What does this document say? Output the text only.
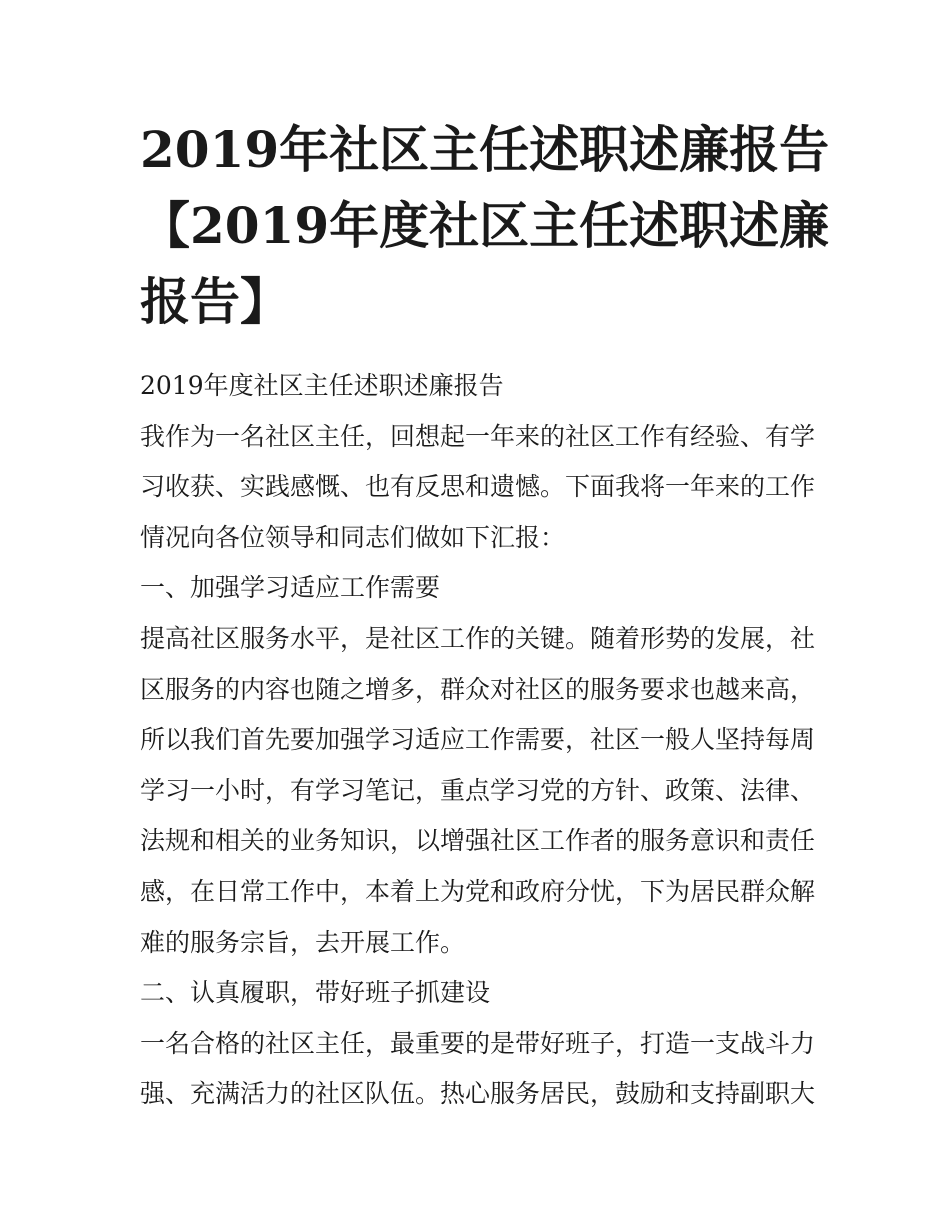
2019年社区主任述职述廉报告
【2019年度社区主任述职述廉
报告】

2019年度社区主任述职述廉报告

我作为一名社区主任，回想起一年来的社区工作有经验、有学
习收获、实践感慨、也有反思和遗憾。下面我将一年来的工作
情况向各位领导和同志们做如下汇报：

一、加强学习适应工作需要

提高社区服务水平，是社区工作的关键。随着形势的发展，社
区服务的内容也随之增多，群众对社区的服务要求也越来高，
所以我们首先要加强学习适应工作需要，社区一般人坚持每周
学习一小时，有学习笔记，重点学习党的方针、政策、法律、
法规和相关的业务知识，以增强社区工作者的服务意识和责任
感，在日常工作中，本着上为党和政府分忧，下为居民群众解
难的服务宗旨，去开展工作。

二、认真履职，带好班子抓建设

一名合格的社区主任，最重要的是带好班子，打造一支战斗力
强、充满活力的社区队伍。热心服务居民，鼓励和支持副职大
